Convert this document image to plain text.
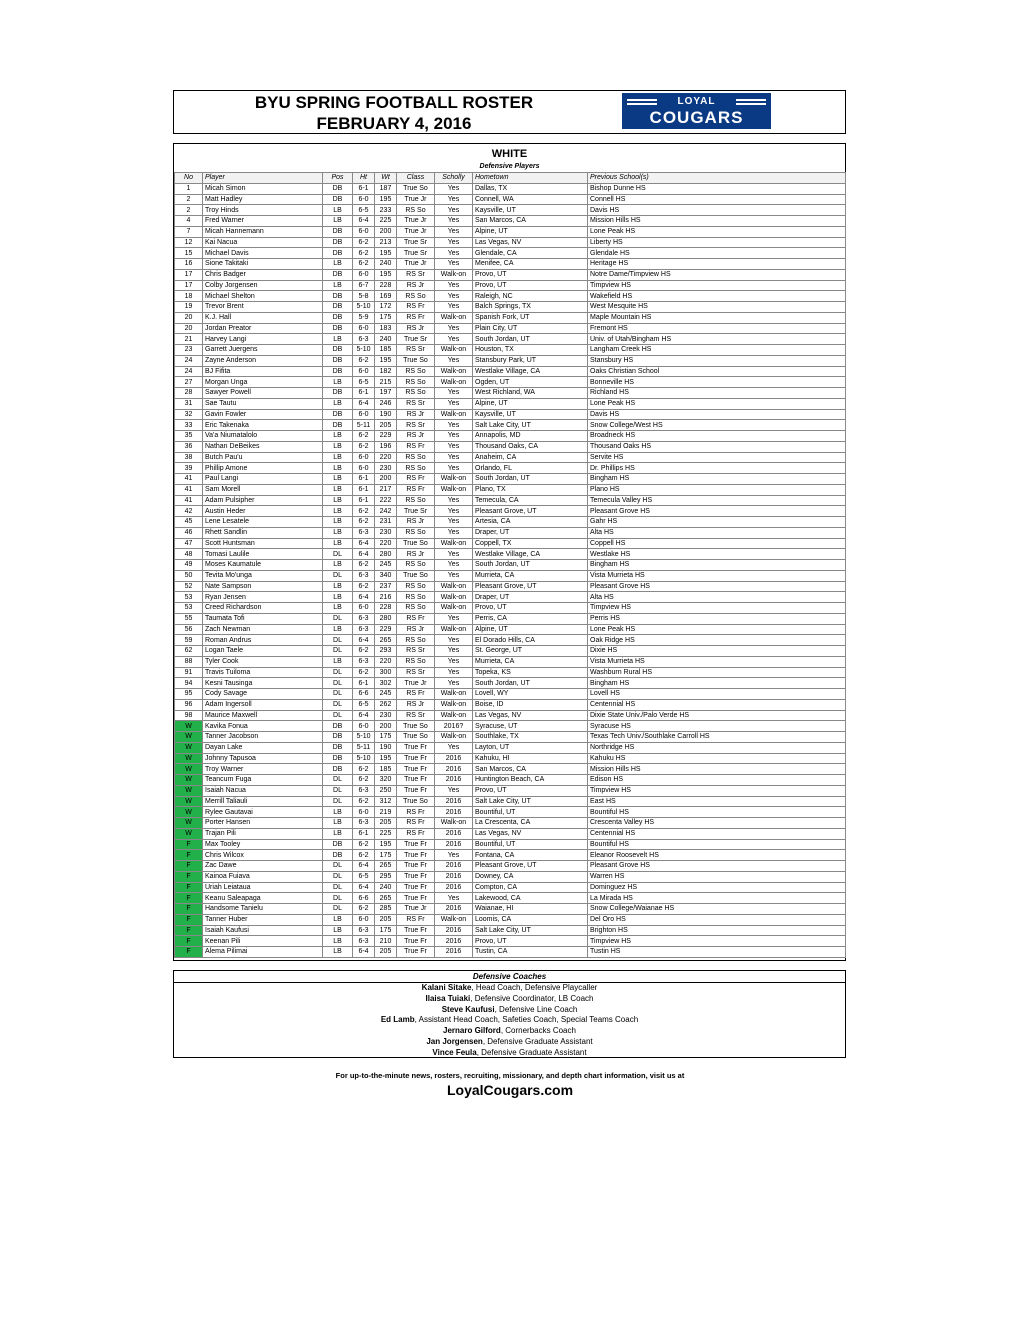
BYU SPRING FOOTBALL ROSTER
FEBRUARY 4, 2016
LOYAL
COUGARS
WHITE
Defensive Players
No	Player	Pos	Ht	Wt	Class	Scholly	Hometown	Previous School(s)
1	Micah Simon	DB	6-1	187	True So	Yes	Dallas, TX	Bishop Dunne HS
2	Matt Hadley	DB	6-0	195	True Jr	Yes	Connell, WA	Connell HS
2	Troy Hinds	LB	6-5	233	RS So	Yes	Kaysville, UT	Davis HS
4	Fred Warner	LB	6-4	225	True Jr	Yes	San Marcos, CA	Mission Hills HS
7	Micah Hannemann	DB	6-0	200	True Jr	Yes	Alpine, UT	Lone Peak HS
12	Kai Nacua	DB	6-2	213	True Sr	Yes	Las Vegas, NV	Liberty HS
15	Michael Davis	DB	6-2	195	True Sr	Yes	Glendale, CA	Glendale HS
16	Sione Takitaki	LB	6-2	240	True Jr	Yes	Menifee, CA	Heritage HS
17	Chris Badger	DB	6-0	195	RS Sr	Walk-on	Provo, UT	Notre Dame/Timpview HS
17	Colby Jorgensen	LB	6-7	228	RS Jr	Yes	Provo, UT	Timpview HS
18	Michael Shelton	DB	5-8	169	RS So	Yes	Raleigh, NC	Wakefield HS
19	Trevor Brent	DB	5-10	172	RS Fr	Yes	Balch Springs, TX	West Mesquite HS
20	K.J. Hall	DB	5-9	175	RS Fr	Walk-on	Spanish Fork, UT	Maple Mountain HS
20	Jordan Preator	DB	6-0	183	RS Jr	Yes	Plain City, UT	Fremont HS
21	Harvey Langi	LB	6-3	240	True Sr	Yes	South Jordan, UT	Univ. of Utah/Bingham HS
23	Garrett Juergens	DB	5-10	185	RS Sr	Walk-on	Houston, TX	Langham Creek HS
24	Zayne Anderson	DB	6-2	195	True So	Yes	Stansbury Park, UT	Stansbury HS
24	BJ Fifita	DB	6-0	182	RS So	Walk-on	Westlake Village, CA	Oaks Christian School
27	Morgan Unga	LB	6-5	215	RS So	Walk-on	Ogden, UT	Bonneville HS
28	Sawyer Powell	DB	6-1	197	RS So	Yes	West Richland, WA	Richland HS
31	Sae Tautu	LB	6-4	246	RS Sr	Yes	Alpine, UT	Lone Peak HS
32	Gavin Fowler	DB	6-0	190	RS Jr	Walk-on	Kaysville, UT	Davis HS
33	Eric Takenaka	DB	5-11	205	RS Sr	Yes	Salt Lake City, UT	Snow College/West HS
35	Va'a Niumatalolo	LB	6-2	229	RS Jr	Yes	Annapolis, MD	Broadneck HS
36	Nathan DeBeikes	LB	6-2	196	RS Fr	Yes	Thousand Oaks, CA	Thousand Oaks HS
38	Butch Pau'u	LB	6-0	220	RS So	Yes	Anaheim, CA	Servite HS
39	Phillip Amone	LB	6-0	230	RS So	Yes	Orlando, FL	Dr. Phillips HS
41	Paul Langi	LB	6-1	200	RS Fr	Walk-on	South Jordan, UT	Bingham HS
41	Sam Morell	LB	6-1	217	RS Fr	Walk-on	Plano, TX	Plano HS
41	Adam Pulsipher	LB	6-1	222	RS So	Yes	Temecula, CA	Temecula Valley HS
42	Austin Heder	LB	6-2	242	True Sr	Yes	Pleasant Grove, UT	Pleasant Grove HS
45	Lene Lesatele	LB	6-2	231	RS Jr	Yes	Artesia, CA	Gahr HS
46	Rhett Sandlin	LB	6-3	230	RS So	Yes	Draper, UT	Alta HS
47	Scott Huntsman	LB	6-4	220	True So	Walk-on	Coppell, TX	Coppell HS
48	Tomasi Laulile	DL	6-4	280	RS Jr	Yes	Westlake Village, CA	Westlake HS
49	Moses Kaumatule	LB	6-2	245	RS So	Yes	South Jordan, UT	Bingham HS
50	Tevita Mo'unga	DL	6-3	340	True So	Yes	Murrieta, CA	Vista Murrieta HS
52	Nate Sampson	LB	6-2	237	RS So	Walk-on	Pleasant Grove, UT	Pleasant Grove HS
53	Ryan Jensen	LB	6-4	216	RS So	Walk-on	Draper, UT	Alta HS
53	Creed Richardson	LB	6-0	228	RS So	Walk-on	Provo, UT	Timpview HS
55	Taumata Tofi	DL	6-3	280	RS Fr	Yes	Perris, CA	Perris HS
56	Zach Newman	LB	6-3	229	RS Jr	Walk-on	Alpine, UT	Lone Peak HS
59	Roman Andrus	DL	6-4	265	RS So	Yes	El Dorado Hills, CA	Oak Ridge HS
62	Logan Taele	DL	6-2	293	RS Sr	Yes	St. George, UT	Dixie HS
88	Tyler Cook	LB	6-3	220	RS So	Yes	Murrieta, CA	Vista Murrieta HS
91	Travis Tuiloma	DL	6-2	300	RS Sr	Yes	Topeka, KS	Washburn Rural HS
94	Kesni Tausinga	DL	6-1	302	True Jr	Yes	South Jordan, UT	Bingham HS
95	Cody Savage	DL	6-6	245	RS Fr	Walk-on	Lovell, WY	Lovell HS
96	Adam Ingersoll	DL	6-5	262	RS Jr	Walk-on	Boise, ID	Centennial HS
98	Maurice Maxwell	DL	6-4	230	RS Sr	Walk-on	Las Vegas, NV	Dixie State Univ./Palo Verde HS
W	Kavika Fonua	DB	6-0	200	True So	2016?	Syracuse, UT	Syracuse HS
W	Tanner Jacobson	DB	5-10	175	True So	Walk-on	Southlake, TX	Texas Tech Univ./Southlake Carroll HS
W	Dayan Lake	DB	5-11	190	True Fr	Yes	Layton, UT	Northridge HS
W	Johnny Tapusoa	DB	5-10	195	True Fr	2016	Kahuku, HI	Kahuku HS
W	Troy Warner	DB	6-2	185	True Fr	2016	San Marcos, CA	Mission Hills HS
W	Teancum Fuga	DL	6-2	320	True Fr	2016	Huntington Beach, CA	Edison HS
W	Isaiah Nacua	DL	6-3	250	True Fr	Yes	Provo, UT	Timpview HS
W	Merrill Taliauli	DL	6-2	312	True So	2016	Salt Lake City, UT	East HS
W	Rylee Gautavai	LB	6-0	219	RS Fr	2016	Bountiful, UT	Bountiful HS
W	Porter Hansen	LB	6-3	205	RS Fr	Walk-on	La Crescenta, CA	Crescenta Valley HS
W	Trajan Pili	LB	6-1	225	RS Fr	2016	Las Vegas, NV	Centennial HS
F	Max Tooley	DB	6-2	195	True Fr	2016	Bountiful, UT	Bountiful HS
F	Chris Wilcox	DB	6-2	175	True Fr	Yes	Fontana, CA	Eleanor Roosevelt HS
F	Zac Dawe	DL	6-4	265	True Fr	2016	Pleasant Grove, UT	Pleasant Grove HS
F	Kainoa Fuiava	DL	6-5	295	True Fr	2016	Downey, CA	Warren HS
F	Uriah Leiataua	DL	6-4	240	True Fr	2016	Compton, CA	Dominguez HS
F	Keanu Saleapaga	DL	6-6	265	True Fr	Yes	Lakewood, CA	La Mirada HS
F	Handsome Tanielu	DL	6-2	285	True Jr	2016	Waianae, HI	Snow College/Waianae HS
F	Tanner Huber	LB	6-0	205	RS Fr	Walk-on	Loomis, CA	Del Oro HS
F	Isaiah Kaufusi	LB	6-3	175	True Fr	2016	Salt Lake City, UT	Brighton HS
F	Keenan Pili	LB	6-3	210	True Fr	2016	Provo, UT	Timpview HS
F	Alema Pilimai	LB	6-4	205	True Fr	2016	Tustin, CA	Tustin HS
Defensive Coaches
Kalani Sitake, Head Coach, Defensive Playcaller
Ilaisa Tuiaki, Defensive Coordinator, LB Coach
Steve Kaufusi, Defensive Line Coach
Ed Lamb, Assistant Head Coach, Safeties Coach, Special Teams Coach
Jernaro Gilford, Cornerbacks Coach
Jan Jorgensen, Defensive Graduate Assistant
Vince Feula, Defensive Graduate Assistant
For up-to-the-minute news, rosters, recruiting, missionary, and depth chart information, visit us at
LoyalCougars.com
